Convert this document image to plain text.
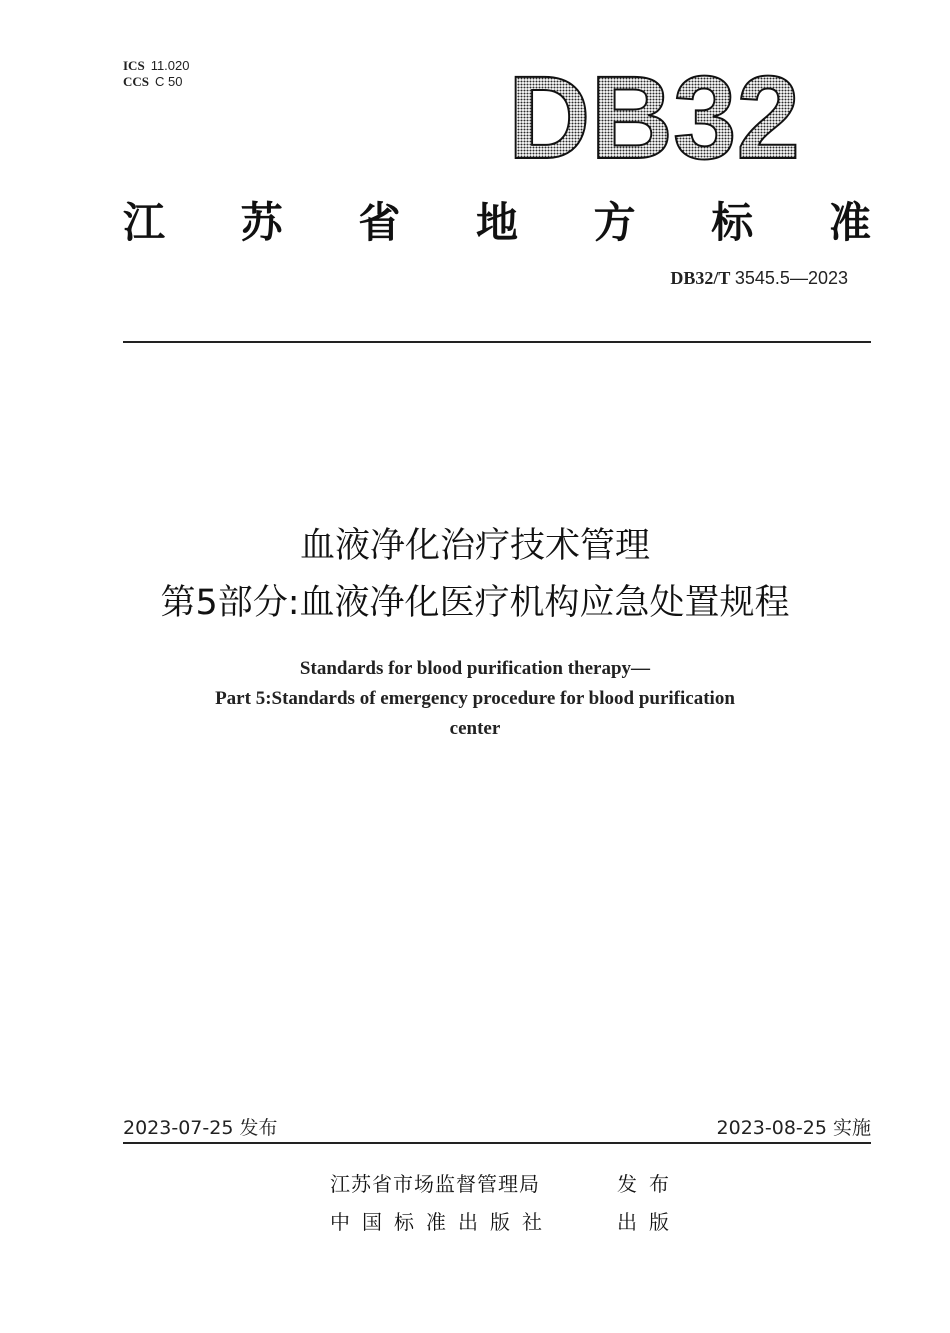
ICS 11.020
CCS C 50	DB32
江 苏 省 地 方 标 准
DB32/T 3545.5—2023
血液净化治疗技术管理
第5部分:血液净化医疗机构应急处置规程
Standards for blood purification therapy—
Part 5:Standards of emergency procedure for blood purification
center
2023-07-25 发布	2023-08-25 实施
江苏省市场监督管理局	发布
中国标准出版社	出版
